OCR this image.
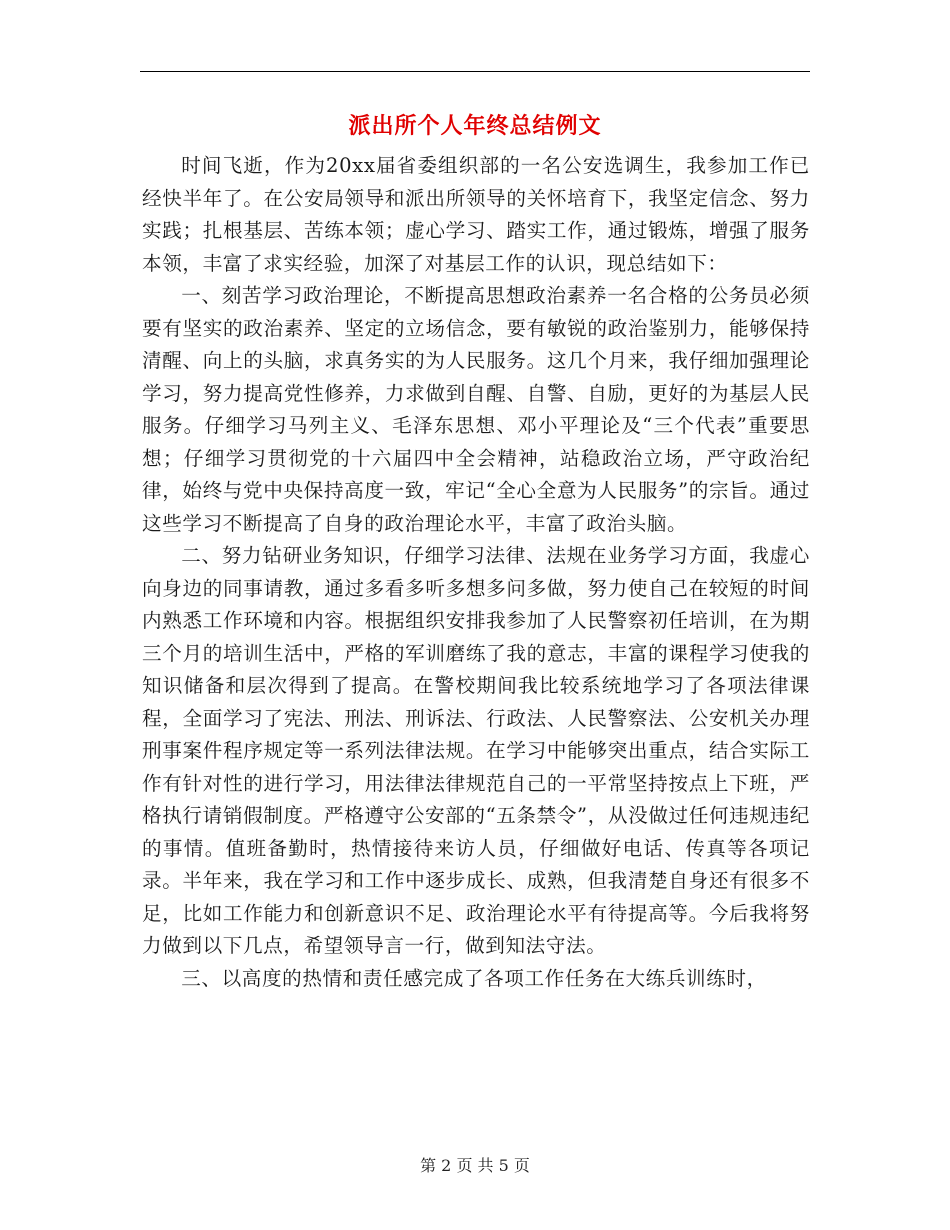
派出所个人年终总结例文

时间飞逝，作为20xx届省委组织部的一名公安选调生，我参加工作已经快半年了。在公安局领导和派出所领导的关怀培育下，我坚定信念、努力实践；扎根基层、苦练本领；虚心学习、踏实工作，通过锻炼，增强了服务本领，丰富了求实经验，加深了对基层工作的认识，现总结如下：

一、刻苦学习政治理论，不断提高思想政治素养一名合格的公务员必须要有坚实的政治素养、坚定的立场信念，要有敏锐的政治鉴别力，能够保持清醒、向上的头脑，求真务实的为人民服务。这几个月来，我仔细加强理论学习，努力提高党性修养，力求做到自醒、自警、自励，更好的为基层人民服务。仔细学习马列主义、毛泽东思想、邓小平理论及“三个代表”重要思想；仔细学习贯彻党的十六届四中全会精神，站稳政治立场，严守政治纪律，始终与党中央保持高度一致，牢记“全心全意为人民服务”的宗旨。通过这些学习不断提高了自身的政治理论水平，丰富了政治头脑。

二、努力钻研业务知识，仔细学习法律、法规在业务学习方面，我虚心向身边的同事请教，通过多看多听多想多问多做，努力使自己在较短的时间内熟悉工作环境和内容。根据组织安排我参加了人民警察初任培训，在为期三个月的培训生活中，严格的军训磨练了我的意志，丰富的课程学习使我的知识储备和层次得到了提高。在警校期间我比较系统地学习了各项法律课程，全面学习了宪法、刑法、刑诉法、行政法、人民警察法、公安机关办理刑事案件程序规定等一系列法律法规。在学习中能够突出重点，结合实际工作有针对性的进行学习，用法律法律规范自己的一平常坚持按点上下班，严格执行请销假制度。严格遵守公安部的“五条禁令”，从没做过任何违规违纪的事情。值班备勤时，热情接待来访人员，仔细做好电话、传真等各项记录。半年来，我在学习和工作中逐步成长、成熟，但我清楚自身还有很多不足，比如工作能力和创新意识不足、政治理论水平有待提高等。今后我将努力做到以下几点，希望领导言一行，做到知法守法。

三、以高度的热情和责任感完成了各项工作任务在大练兵训练时，

第 2 页 共 5 页
